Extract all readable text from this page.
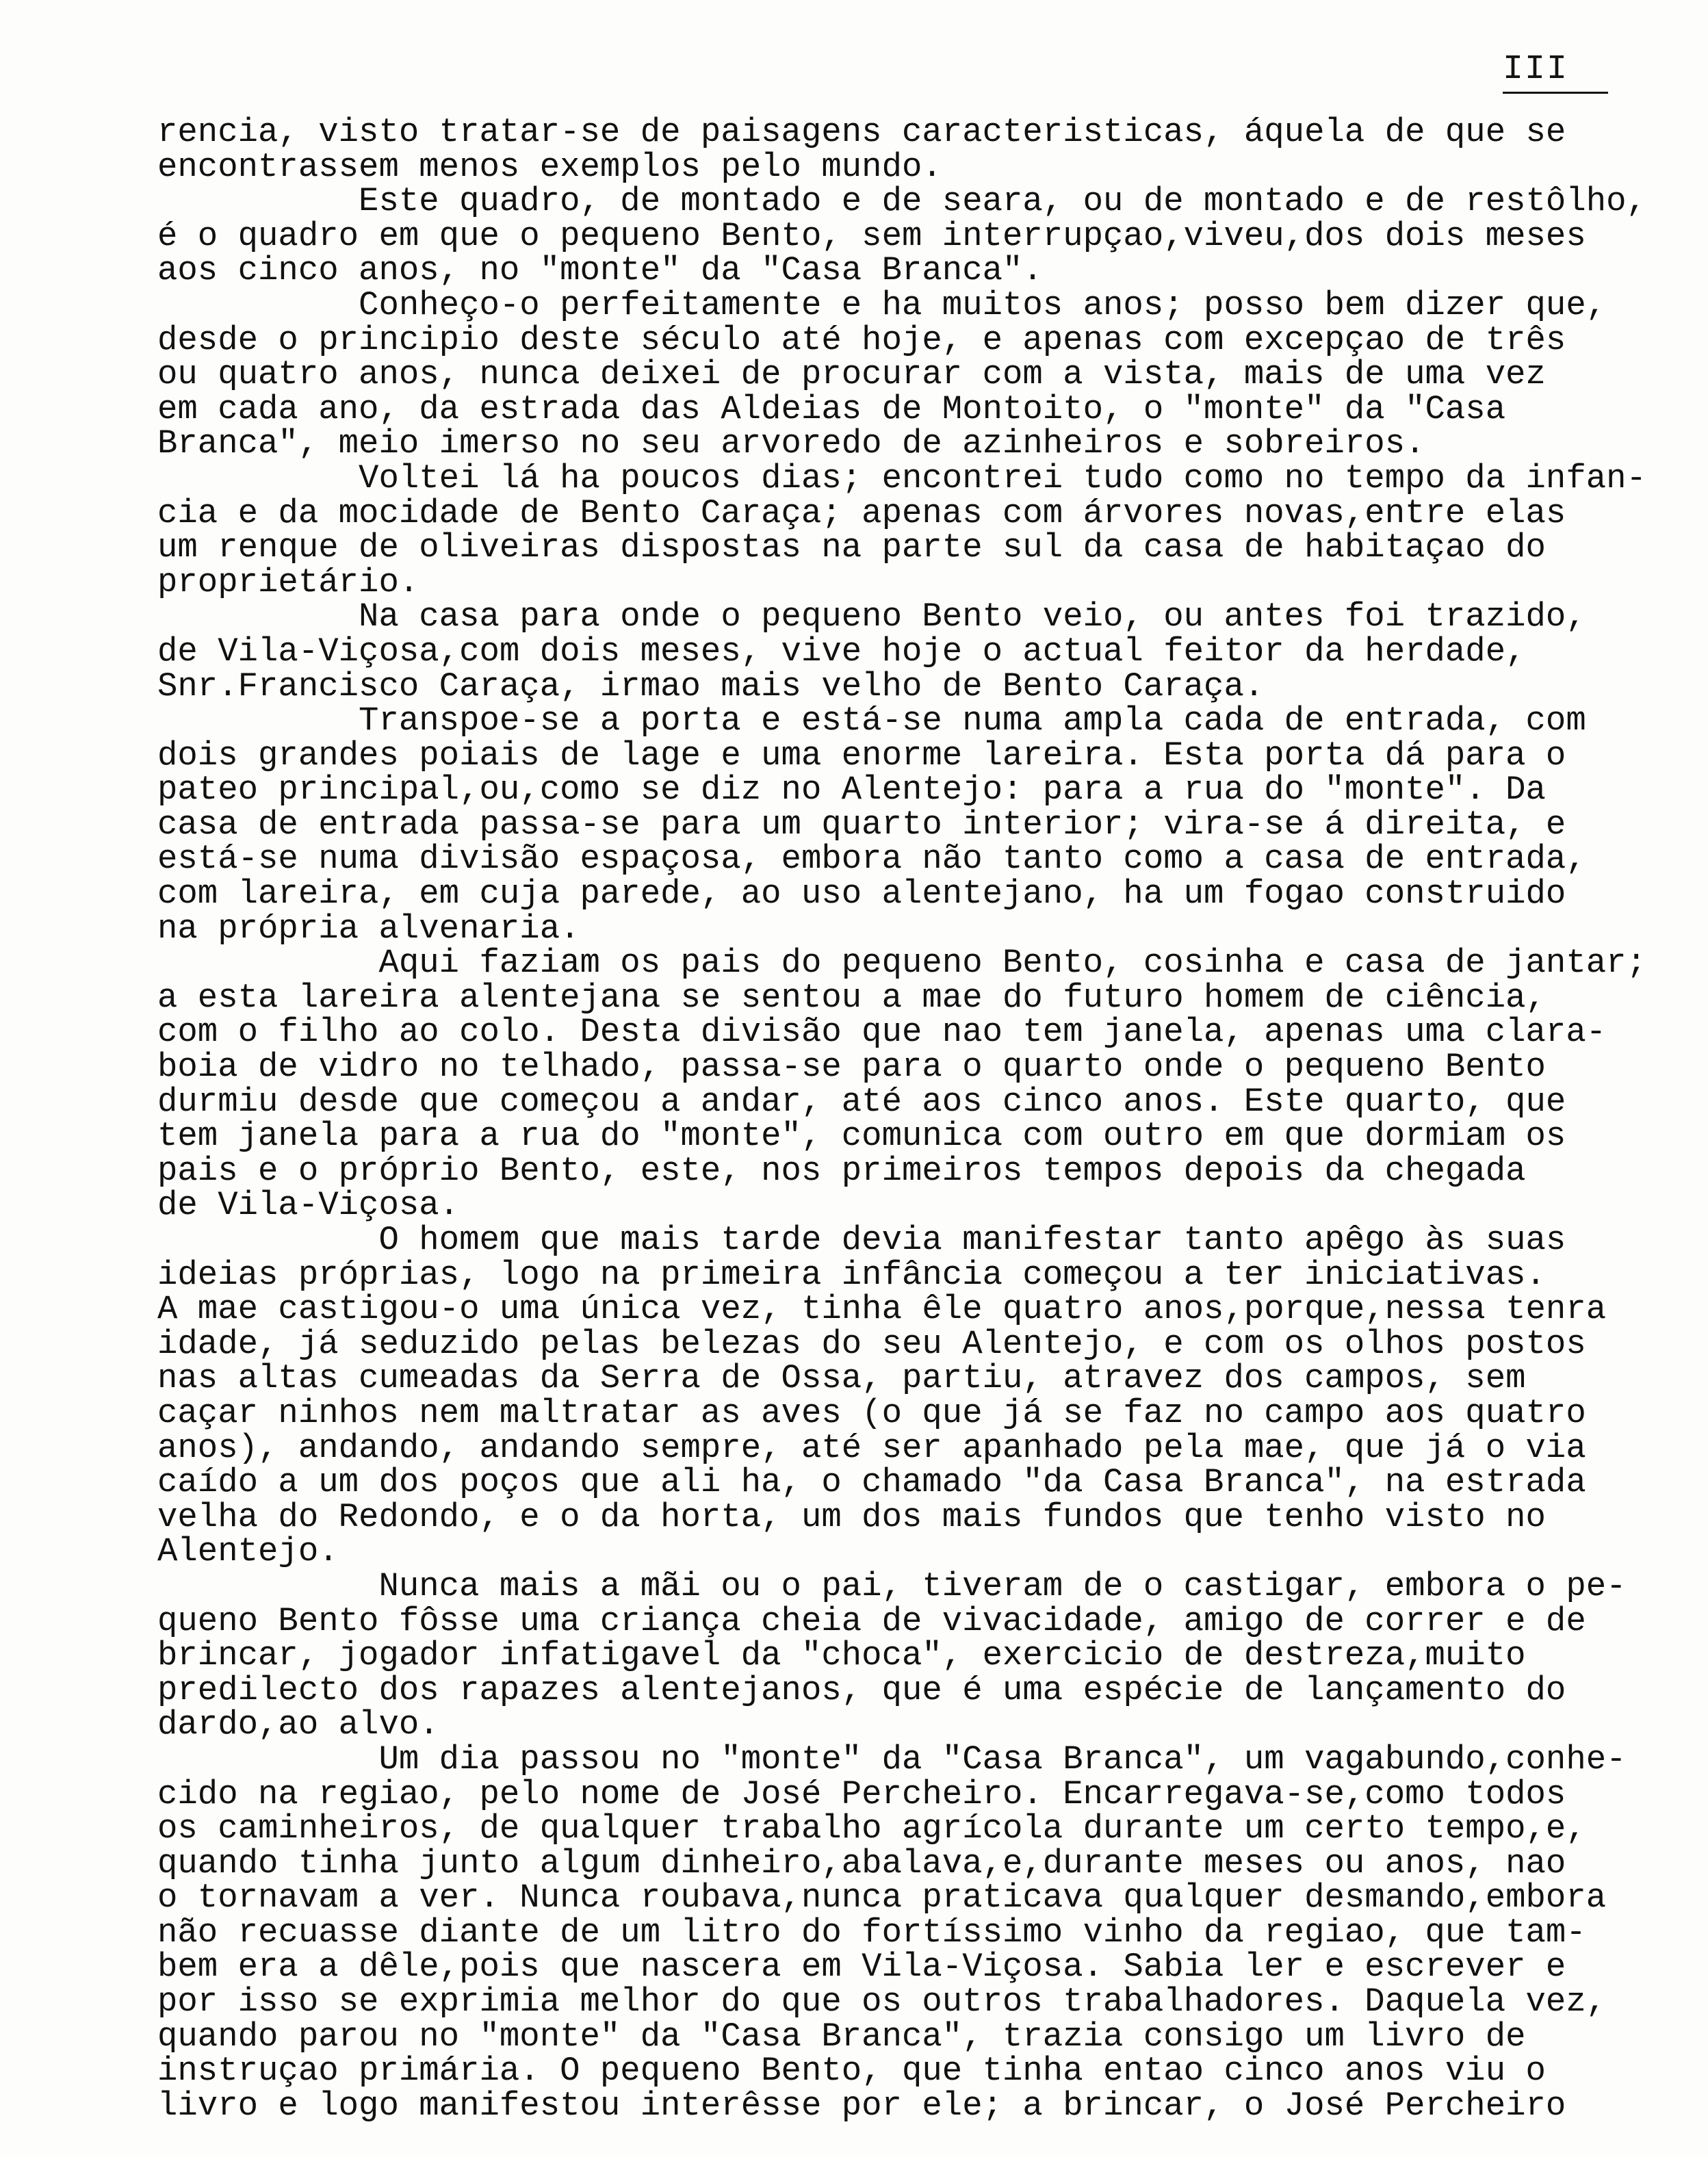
III
rencia, visto tratar-se de paisagens caracteristicas, áquela de que se
encontrassem menos exemplos pelo mundo.
Este quadro, de montado e de seara, ou de montado e de restôlho,
é o quadro em que o pequeno Bento, sem interrupçao,viveu,dos dois meses
aos cinco anos, no "monte" da "Casa Branca".
Conheço-o perfeitamente e ha muitos anos; posso bem dizer que,
desde o principio deste século até hoje, e apenas com excepçao de três
ou quatro anos, nunca deixei de procurar com a vista, mais de uma vez
em cada ano, da estrada das Aldeias de Montoito, o "monte" da "Casa
Branca", meio imerso no seu arvoredo de azinheiros e sobreiros.
Voltei lá ha poucos dias; encontrei tudo como no tempo da infan-
cia e da mocidade de Bento Caraça; apenas com árvores novas,entre elas
um renque de oliveiras dispostas na parte sul da casa de habitaçao do
proprietário.
Na casa para onde o pequeno Bento veio, ou antes foi trazido,
de Vila-Viçosa,com dois meses, vive hoje o actual feitor da herdade,
Snr.Francisco Caraça, irmao mais velho de Bento Caraça.
Transpoe-se a porta e está-se numa ampla cada de entrada, com
dois grandes poiais de lage e uma enorme lareira. Esta porta dá para o
pateo principal,ou,como se diz no Alentejo: para a rua do "monte". Da
casa de entrada passa-se para um quarto interior; vira-se á direita, e
está-se numa divisão espaçosa, embora não tanto como a casa de entrada,
com lareira, em cuja parede, ao uso alentejano, ha um fogao construido
na própria alvenaria.
Aqui faziam os pais do pequeno Bento, cosinha e casa de jantar;
a esta lareira alentejana se sentou a mae do futuro homem de ciência,
com o filho ao colo. Desta divisão que nao tem janela, apenas uma clara-
boia de vidro no telhado, passa-se para o quarto onde o pequeno Bento
durmiu desde que começou a andar, até aos cinco anos. Este quarto, que
tem janela para a rua do "monte", comunica com outro em que dormiam os
pais e o próprio Bento, este, nos primeiros tempos depois da chegada
de Vila-Viçosa.
O homem que mais tarde devia manifestar tanto apêgo às suas
ideias próprias, logo na primeira infância começou a ter iniciativas.
A mae castigou-o uma única vez, tinha êle quatro anos,porque,nessa tenra
idade, já seduzido pelas belezas do seu Alentejo, e com os olhos postos
nas altas cumeadas da Serra de Ossa, partiu, atravez dos campos, sem
caçar ninhos nem maltratar as aves (o que já se faz no campo aos quatro
anos), andando, andando sempre, até ser apanhado pela mae, que já o via
caído a um dos poços que ali ha, o chamado "da Casa Branca", na estrada
velha do Redondo, e o da horta, um dos mais fundos que tenho visto no
Alentejo.
Nunca mais a mãi ou o pai, tiveram de o castigar, embora o pe-
queno Bento fôsse uma criança cheia de vivacidade, amigo de correr e de
brincar, jogador infatigavel da "choca", exercicio de destreza,muito
predilecto dos rapazes alentejanos, que é uma espécie de lançamento do
dardo,ao alvo.
Um dia passou no "monte" da "Casa Branca", um vagabundo,conhe-
cido na regiao, pelo nome de José Percheiro. Encarregava-se,como todos
os caminheiros, de qualquer trabalho agrícola durante um certo tempo,e,
quando tinha junto algum dinheiro,abalava,e,durante meses ou anos, nao
o tornavam a ver. Nunca roubava,nunca praticava qualquer desmando,embora
não recuasse diante de um litro do fortíssimo vinho da regiao, que tam-
bem era a dêle,pois que nascera em Vila-Viçosa. Sabia ler e escrever e
por isso se exprimia melhor do que os outros trabalhadores. Daquela vez,
quando parou no "monte" da "Casa Branca", trazia consigo um livro de
instruçao primária. O pequeno Bento, que tinha entao cinco anos viu o
livro e logo manifestou interêsse por ele; a brincar, o José Percheiro
